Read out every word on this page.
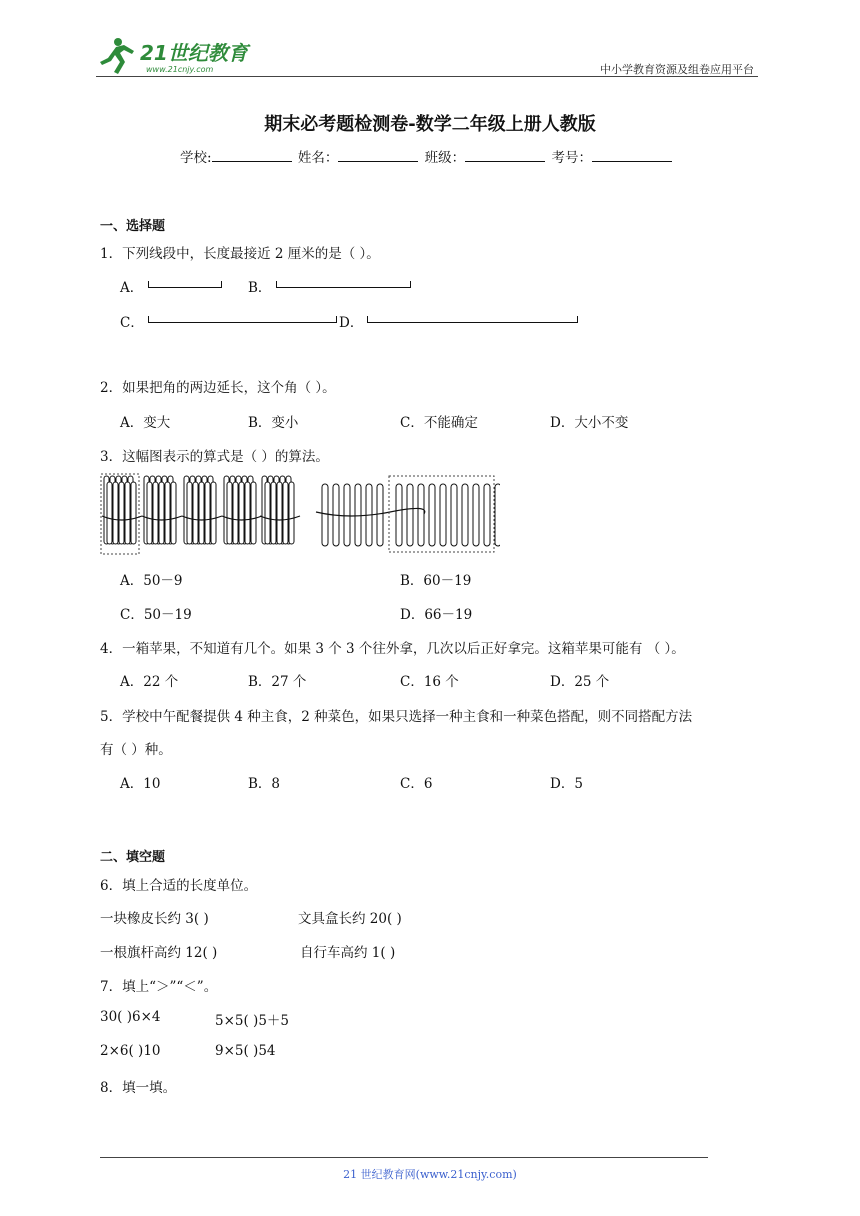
21世纪教育
www.21cnjy.com	中小学教育资源及组卷应用平台
期末必考题检测卷-数学二年级上册人教版
学校:	姓名：	班级：	考号：
一、选择题
1．下列线段中，长度最接近 2 厘米的是（ ）。
A．	B．
C．	D．
2．如果把角的两边延长，这个角（ ）。
A．变大	B．变小	C．不能确定	D．大小不变
3．这幅图表示的算式是（ ）的算法。
A．50－9	B．60－19
C．50－19	D．66－19
4．一箱苹果，不知道有几个。如果 3 个 3 个往外拿，几次以后正好拿完。这箱苹果可能有 （ ）。
A．22 个	B．27 个	C．16 个	D．25 个
5．学校中午配餐提供 4 种主食，2 种菜色，如果只选择一种主食和一种菜色搭配，则不同搭配方法
有（ ）种。
A．10	B．8	C．6	D．5
二、填空题
6．填上合适的长度单位。
一块橡皮长约 3( )	文具盒长约 20( )
一根旗杆高约 12( )	自行车高约 1( )
7．填上“＞”“＜”。
30( )6×4	5×5( )5＋5
2×6( )10	9×5( )54
8．填一填。
21 世纪教育网(www.21cnjy.com)
